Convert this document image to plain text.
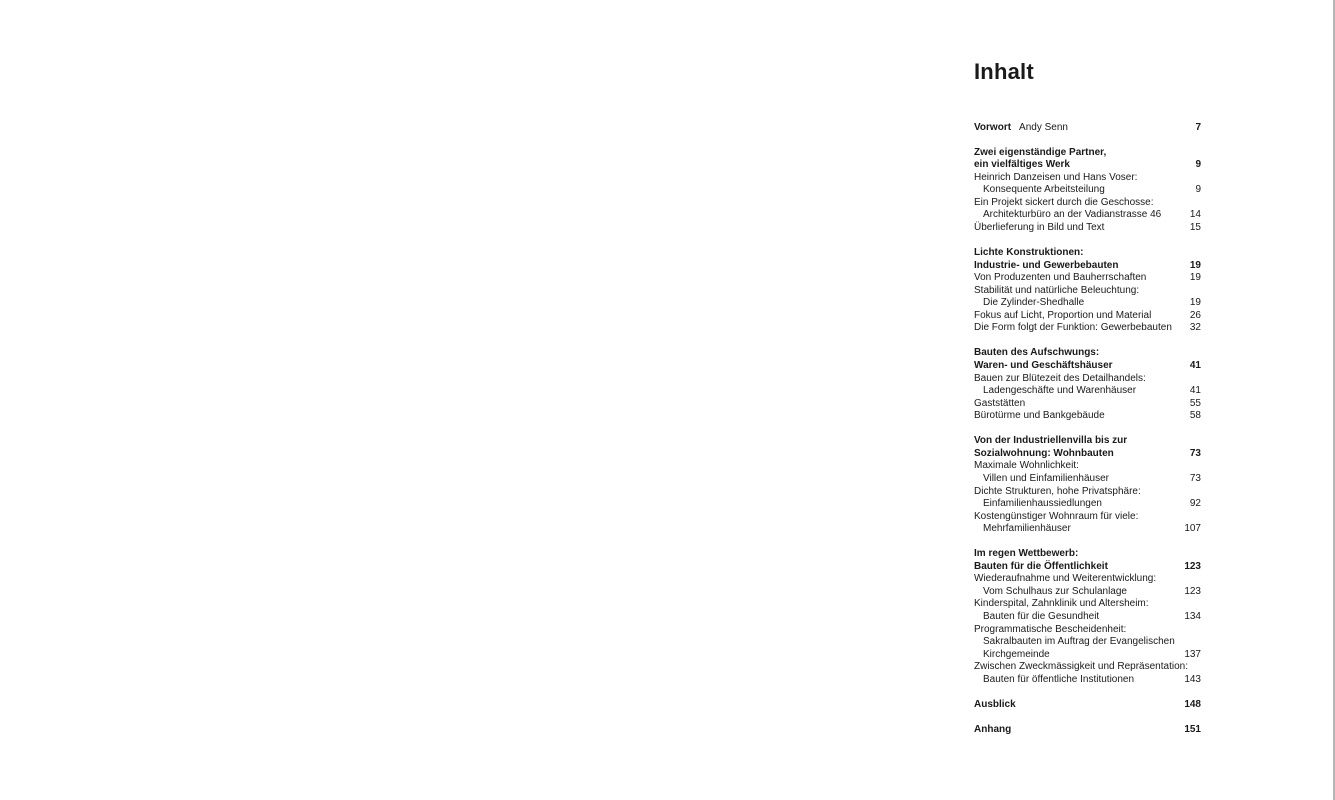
Inhalt
Vorwort Andy Senn	7
Zwei eigenständige Partner,
ein vielfältiges Werk	9
Heinrich Danzeisen und Hans Voser:
Konsequente Arbeitsteilung	9
Ein Projekt sickert durch die Geschosse:
Architekturbüro an der Vadianstrasse 46	14
Überlieferung in Bild und Text	15
Lichte Konstruktionen:
Industrie- und Gewerbebauten	19
Von Produzenten und Bauherrschaften	19
Stabilität und natürliche Beleuchtung:
Die Zylinder-Shedhalle	19
Fokus auf Licht, Proportion und Material	26
Die Form folgt der Funktion: Gewerbebauten 32
Bauten des Aufschwungs:
Waren- und Geschäftshäuser	41
Bauen zur Blütezeit des Detailhandels:
Ladengeschäfte und Warenhäuser	41
Gaststätten	55
Bürotürme und Bankgebäude	58
Von der Industriellenvilla bis zur
Sozialwohnung: Wohnbauten	73
Maximale Wohnlichkeit:
Villen und Einfamilienhäuser	73
Dichte Strukturen, hohe Privatsphäre:
Einfamilienhaussiedlungen	92
Kostengünstiger Wohnraum für viele:
Mehrfamilienhäuser	107
Im regen Wettbewerb:
Bauten für die Öffentlichkeit	123
Wiederaufnahme und Weiterentwicklung:
Vom Schulhaus zur Schulanlage	123
Kinderspital, Zahnklinik und Altersheim:
Bauten für die Gesundheit	134
Programmatische Bescheidenheit:
Sakralbauten im Auftrag der Evangelischen
Kirchgemeinde	137
Zwischen Zweckmässigkeit und Repräsentation:
Bauten für öffentliche Institutionen	143
Ausblick	148
Anhang	151
